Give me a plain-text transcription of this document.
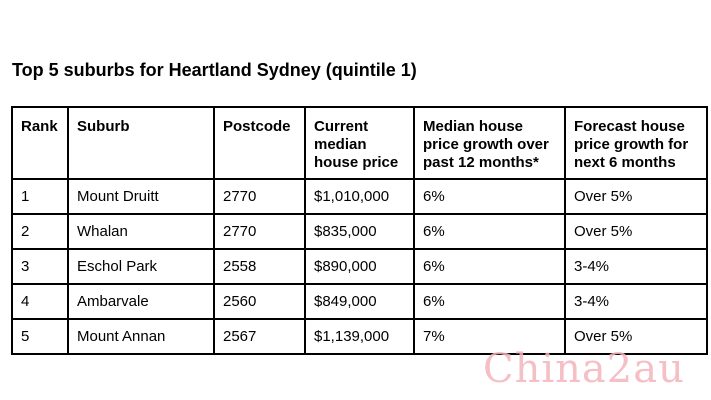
Top 5 suburbs for Heartland Sydney (quintile 1)
Rank	Suburb	Postcode	Current median house price	Median house price growth over past 12 months*	Forecast house price growth for next 6 months
1	Mount Druitt	2770	$1,010,000	6%	Over 5%
2	Whalan	2770	$835,000	6%	Over 5%
3	Eschol Park	2558	$890,000	6%	3-4%
4	Ambarvale	2560	$849,000	6%	3-4%
5	Mount Annan	2567	$1,139,000	7%	Over 5%
China2au
